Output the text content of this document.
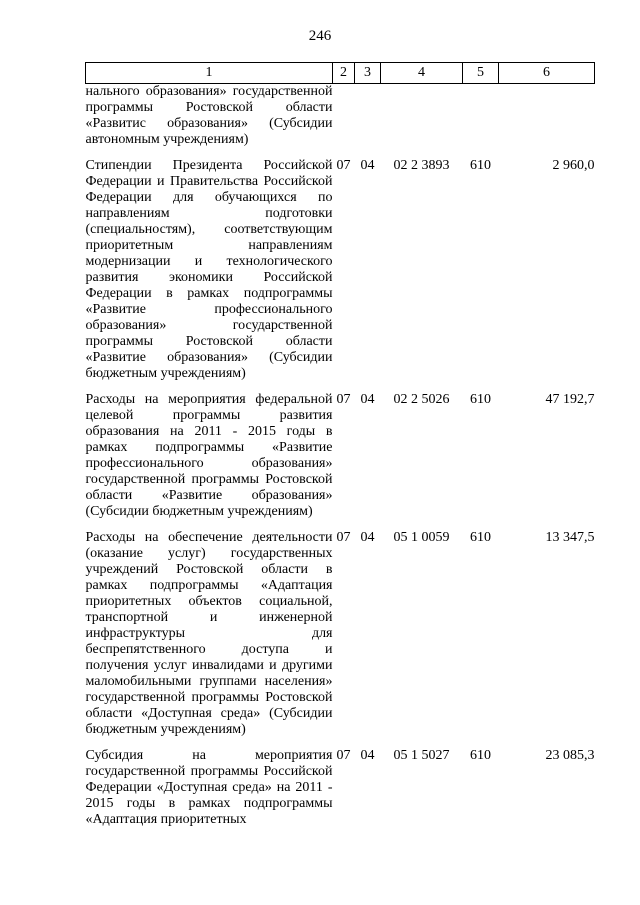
246
1	2	3	4	5	6
нального образования» государственной программы Ростовской области «Развитис образования» (Субсидии автономным учреждениям)					

Стипендии Президента Российской Федерации и Правительства Российской Федерации для обучающихся по направлениям подготовки (специальностям), соответствующим приоритетным направлениям модернизации и технологического развития экономики Российской Федерации в рамках подпрограммы «Развитие профессионального образования» государственной программы Ростовской области «Развитие образования» (Субсидии бюджетным учреждениям)	07	04	02 2 3893	610	2 960,0

Расходы на мероприятия федеральной целевой программы развития образования на 2011 - 2015 годы в рамках подпрограммы «Развитие профессионального образования» государственной программы Ростовской области «Развитие образования» (Субсидии бюджетным учреждениям)	07	04	02 2 5026	610	47 192,7

Расходы на обеспечение деятельности (оказание услуг) государственных учреждений Ростовской области в рамках подпрограммы «Адаптация приоритетных объектов социальной, транспортной и инженерной инфраструктуры для беспрепятственного доступа и получения услуг инвалидами и другими маломобильными группами населения» государственной программы Ростовской области «Доступная среда» (Субсидии бюджетным учреждениям)	07	04	05 1 0059	610	13 347,5

Субсидия на мероприятия государственной программы Российской Федерации «Доступная среда» на 2011 - 2015 годы в рамках подпрограммы «Адаптация приоритетных	07	04	05 1 5027	610	23 085,3
